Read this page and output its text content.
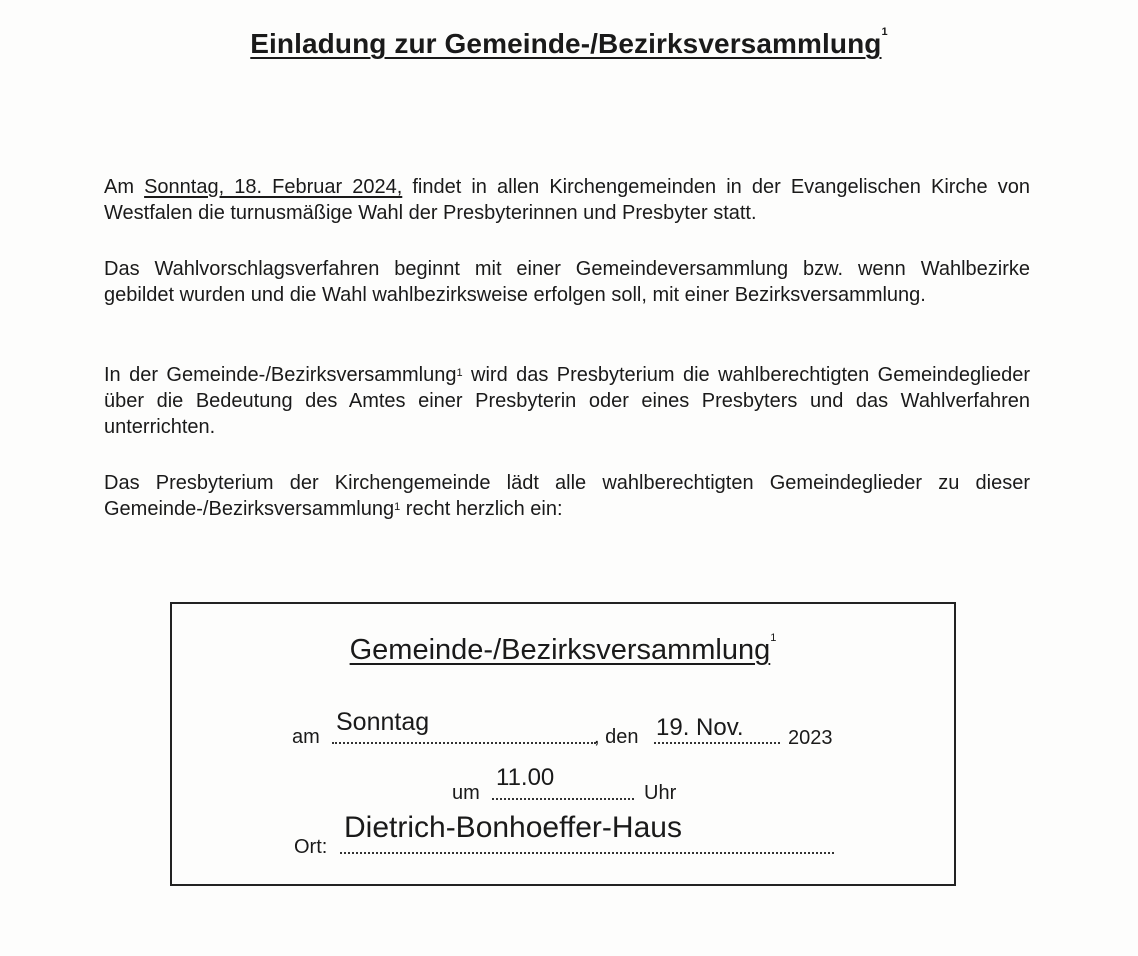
Einladung zur Gemeinde-/Bezirksversammlung$^1$
Am Sonntag, 18. Februar 2024, findet in allen Kirchengemeinden in der Evangelischen Kirche von Westfalen die turnusmäßige Wahl der Presbyterinnen und Presbyter statt.
Das Wahlvorschlagsverfahren beginnt mit einer Gemeindeversammlung bzw. wenn Wahlbezirke gebildet wurden und die Wahl wahlbezirksweise erfolgen soll, mit einer Bezirksversammlung.
In der Gemeinde-/Bezirksversammlung$^1$ wird das Presbyterium die wahlberechtigten Gemeindeglieder über die Bedeutung des Amtes einer Presbyterin oder eines Presbyters und das Wahlverfahren unterrichten.
Das Presbyterium der Kirchengemeinde lädt alle wahlberechtigten Gemeindeglieder zu dieser Gemeinde-/Bezirksversammlung$^1$ recht herzlich ein:
Gemeinde-/Bezirksversammlung$^1$
am
Sonntag
, den 19. Nov. 2023
um
11.00
Uhr
Ort:
Dietrich-Bonhoeffer-Haus
